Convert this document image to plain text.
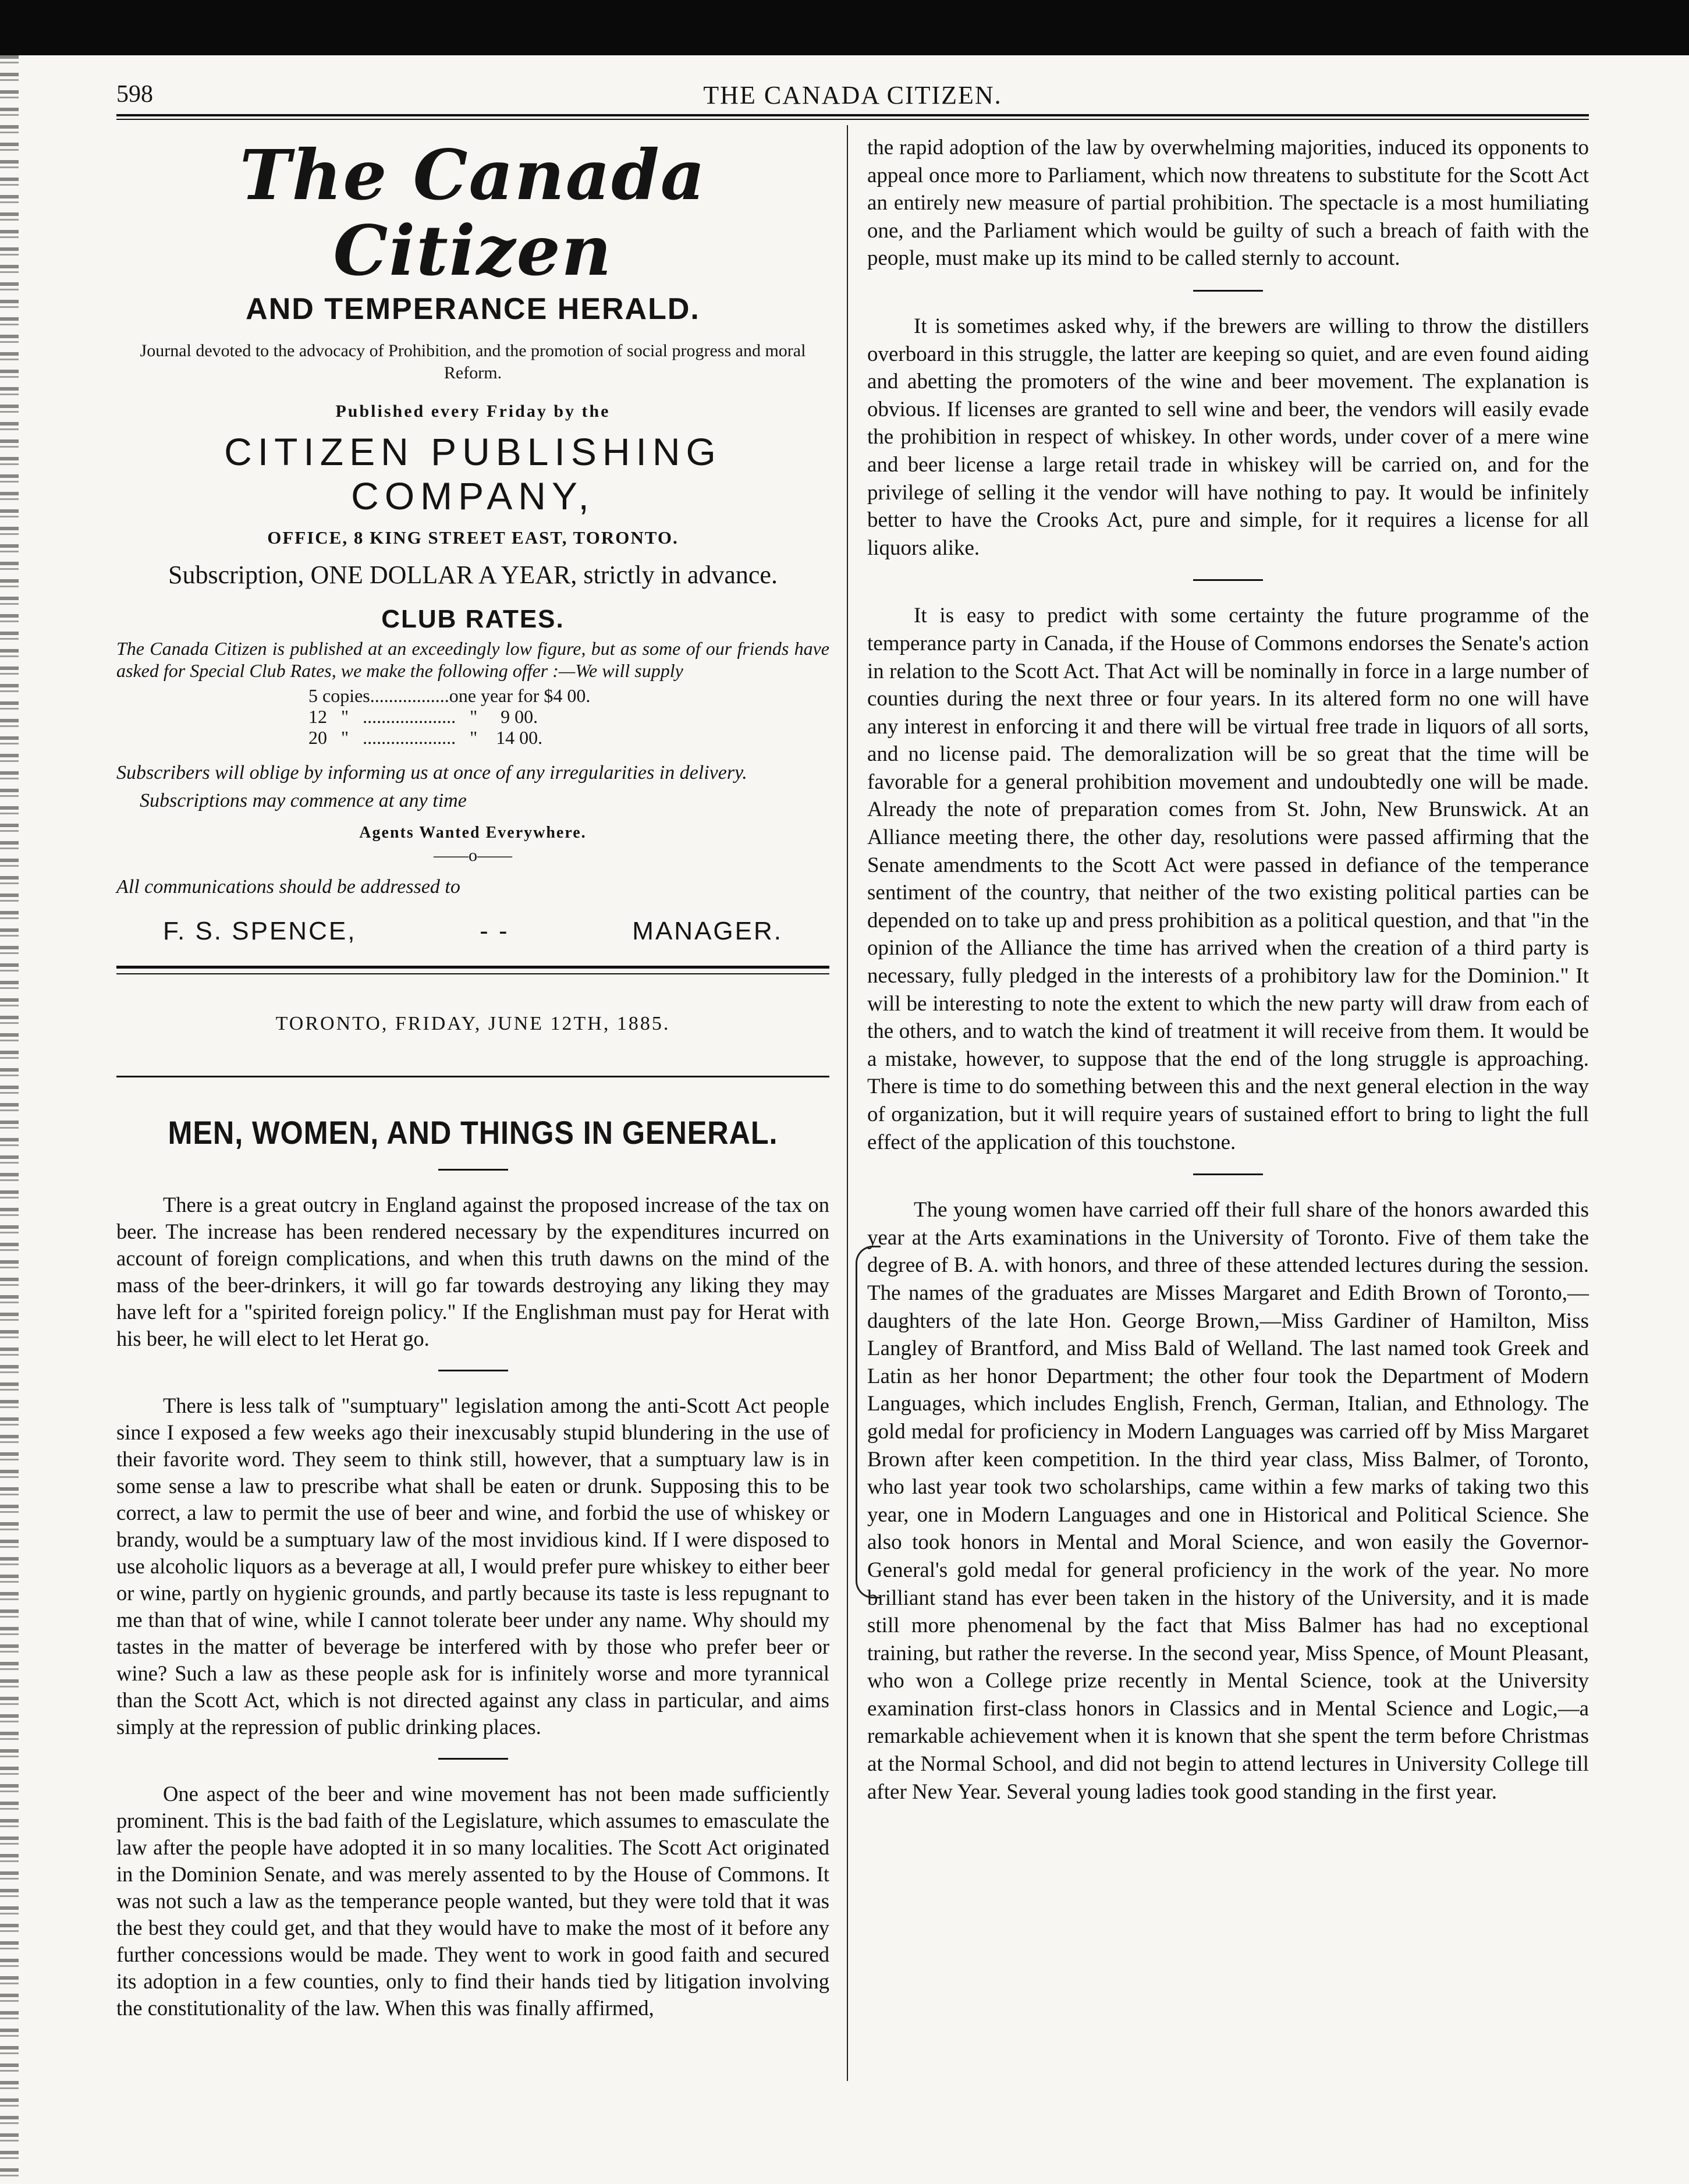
598	THE CANADA CITIZEN.
The Canada Citizen
AND TEMPERANCE HERALD.
Journal devoted to the advocacy of Prohibition, and the promotion of social progress and moral Reform.
Published every Friday by the
CITIZEN PUBLISHING COMPANY,
OFFICE, 8 KING STREET EAST, TORONTO.
Subscription, ONE DOLLAR A YEAR, strictly in advance.
CLUB RATES.
The Canada Citizen is published at an exceedingly low figure, but as some of our friends have asked for Special Club Rates, we make the following offer :—We will supply
5 copies.................one year for $4 00.
12   "   ....................   "     9 00.
20   "   ....................   "    14 00.
Subscribers will oblige by informing us at once of any irregularities in delivery.
Subscriptions may commence at any time
Agents Wanted Everywhere.
——o——
All communications should be addressed to
F. S. SPENCE,	- -	MANAGER.
TORONTO, FRIDAY, JUNE 12TH, 1885.
MEN, WOMEN, AND THINGS IN GENERAL.

There is a great outcry in England against the proposed increase of the tax on beer. The increase has been rendered necessary by the expenditures incurred on account of foreign complications, and when this truth dawns on the mind of the mass of the beer-drinkers, it will go far towards destroying any liking they may have left for a "spirited foreign policy." If the Englishman must pay for Herat with his beer, he will elect to let Herat go.

There is less talk of "sumptuary" legislation among the anti-Scott Act people since I exposed a few weeks ago their inexcusably stupid blundering in the use of their favorite word. They seem to think still, however, that a sumptuary law is in some sense a law to prescribe what shall be eaten or drunk. Supposing this to be correct, a law to permit the use of beer and wine, and forbid the use of whiskey or brandy, would be a sumptuary law of the most invidious kind. If I were disposed to use alcoholic liquors as a beverage at all, I would prefer pure whiskey to either beer or wine, partly on hygienic grounds, and partly because its taste is less repugnant to me than that of wine, while I cannot tolerate beer under any name. Why should my tastes in the matter of beverage be interfered with by those who prefer beer or wine? Such a law as these people ask for is infinitely worse and more tyrannical than the Scott Act, which is not directed against any class in particular, and aims simply at the repression of public drinking places.

One aspect of the beer and wine movement has not been made sufficiently prominent. This is the bad faith of the Legislature, which assumes to emasculate the law after the people have adopted it in so many localities. The Scott Act originated in the Dominion Senate, and was merely assented to by the House of Commons. It was not such a law as the temperance people wanted, but they were told that it was the best they could get, and that they would have to make the most of it before any further concessions would be made. They went to work in good faith and secured its adoption in a few counties, only to find their hands tied by litigation involving the constitutionality of the law. When this was finally affirmed,

the rapid adoption of the law by overwhelming majorities, induced its opponents to appeal once more to Parliament, which now threatens to substitute for the Scott Act an entirely new measure of partial prohibition. The spectacle is a most humiliating one, and the Parliament which would be guilty of such a breach of faith with the people, must make up its mind to be called sternly to account.

It is sometimes asked why, if the brewers are willing to throw the distillers overboard in this struggle, the latter are keeping so quiet, and are even found aiding and abetting the promoters of the wine and beer movement. The explanation is obvious. If licenses are granted to sell wine and beer, the vendors will easily evade the prohibition in respect of whiskey. In other words, under cover of a mere wine and beer license a large retail trade in whiskey will be carried on, and for the privilege of selling it the vendor will have nothing to pay. It would be infinitely better to have the Crooks Act, pure and simple, for it requires a license for all liquors alike.

It is easy to predict with some certainty the future programme of the temperance party in Canada, if the House of Commons endorses the Senate's action in relation to the Scott Act. That Act will be nominally in force in a large number of counties during the next three or four years. In its altered form no one will have any interest in enforcing it and there will be virtual free trade in liquors of all sorts, and no license paid. The demoralization will be so great that the time will be favorable for a general prohibition movement and undoubtedly one will be made. Already the note of preparation comes from St. John, New Brunswick. At an Alliance meeting there, the other day, resolutions were passed affirming that the Senate amendments to the Scott Act were passed in defiance of the temperance sentiment of the country, that neither of the two existing political parties can be depended on to take up and press prohibition as a political question, and that "in the opinion of the Alliance the time has arrived when the creation of a third party is necessary, fully pledged in the interests of a prohibitory law for the Dominion." It will be interesting to note the extent to which the new party will draw from each of the others, and to watch the kind of treatment it will receive from them. It would be a mistake, however, to suppose that the end of the long struggle is approaching. There is time to do something between this and the next general election in the way of organization, but it will require years of sustained effort to bring to light the full effect of the application of this touchstone.

The young women have carried off their full share of the honors awarded this year at the Arts examinations in the University of Toronto. Five of them take the degree of B. A. with honors, and three of these attended lectures during the session. The names of the graduates are Misses Margaret and Edith Brown of Toronto,—daughters of the late Hon. George Brown,—Miss Gardiner of Hamilton, Miss Langley of Brantford, and Miss Bald of Welland. The last named took Greek and Latin as her honor Department; the other four took the Department of Modern Languages, which includes English, French, German, Italian, and Ethnology. The gold medal for proficiency in Modern Languages was carried off by Miss Margaret Brown after keen competition. In the third year class, Miss Balmer, of Toronto, who last year took two scholarships, came within a few marks of taking two this year, one in Modern Languages and one in Historical and Political Science. She also took honors in Mental and Moral Science, and won easily the Governor-General's gold medal for general proficiency in the work of the year. No more brilliant stand has ever been taken in the history of the University, and it is made still more phenomenal by the fact that Miss Balmer has had no exceptional training, but rather the reverse. In the second year, Miss Spence, of Mount Pleasant, who won a College prize recently in Mental Science, took at the University examination first-class honors in Classics and in Mental Science and Logic,—a remarkable achievement when it is known that she spent the term before Christmas at the Normal School, and did not begin to attend lectures in University College till after New Year. Several young ladies took good standing in the first year.
